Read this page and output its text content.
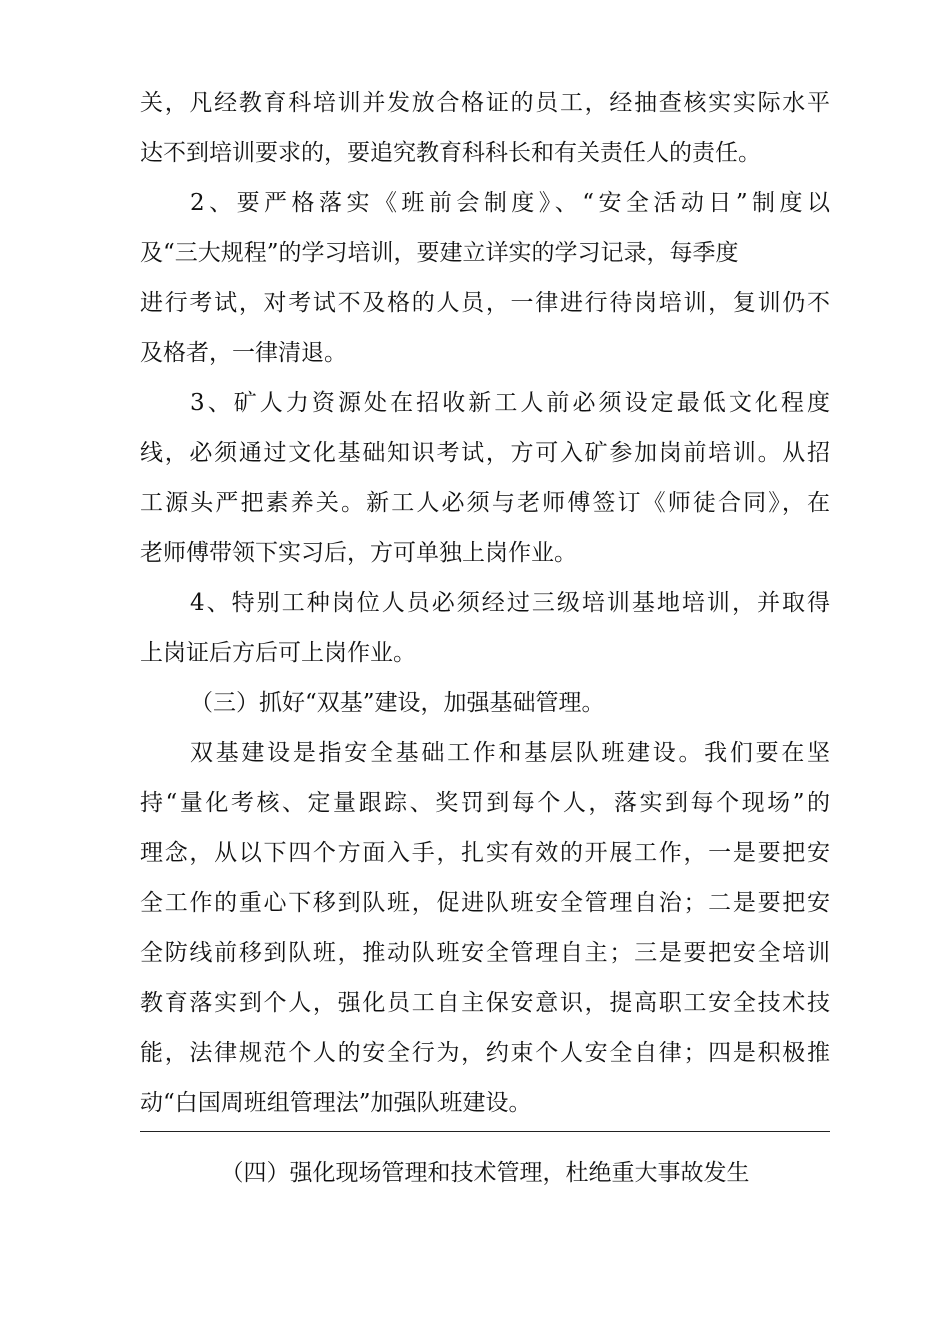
关，凡经教育科培训并发放合格证的员工，经抽查核实实际水平
达不到培训要求的，要追究教育科科长和有关责任人的责任。
2、要严格落实《班前会制度》、“安全活动日”制度以
及“三大规程”的学习培训，要建立详实的学习记录，每季度
进行考试，对考试不及格的人员，一律进行待岗培训，复训仍不
及格者，一律清退。
3、矿人力资源处在招收新工人前必须设定最低文化程度
线，必须通过文化基础知识考试，方可入矿参加岗前培训。从招
工源头严把素养关。新工人必须与老师傅签订《师徒合同》，在
老师傅带领下实习后，方可单独上岗作业。
4、特别工种岗位人员必须经过三级培训基地培训，并取得
上岗证后方后可上岗作业。
（三）抓好“双基”建设，加强基础管理。
双基建设是指安全基础工作和基层队班建设。我们要在坚
持“量化考核、定量跟踪、奖罚到每个人，落实到每个现场”的
理念，从以下四个方面入手，扎实有效的开展工作，一是要把安
全工作的重心下移到队班，促进队班安全管理自治；二是要把安
全防线前移到队班，推动队班安全管理自主；三是要把安全培训
教育落实到个人，强化员工自主保安意识，提高职工安全技术技
能，法律规范个人的安全行为，约束个人安全自律；四是积极推
动“白国周班组管理法”加强队班建设。
（四）强化现场管理和技术管理，杜绝重大事故发生
